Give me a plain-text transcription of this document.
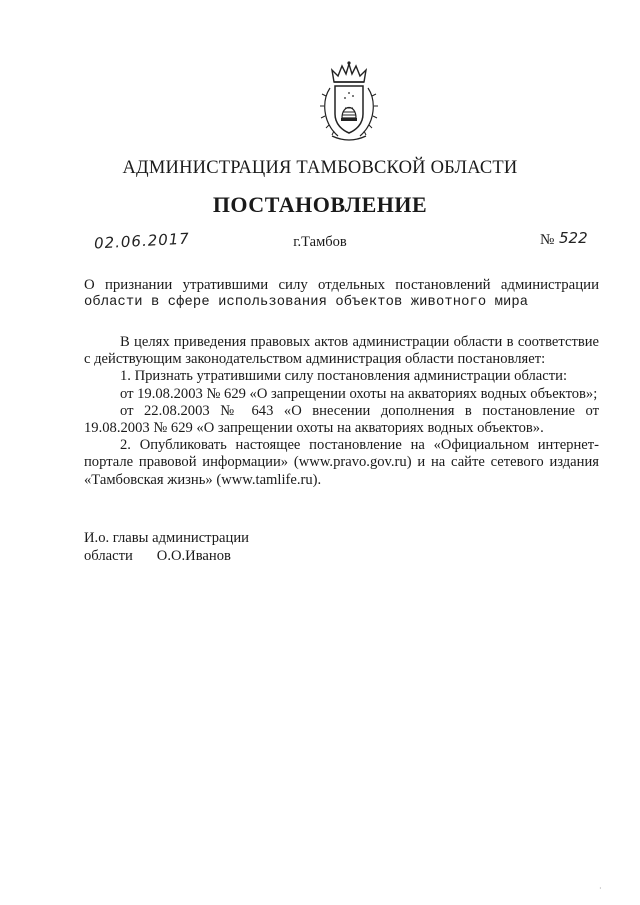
АДМИНИСТРАЦИЯ ТАМБОВСКОЙ ОБЛАСТИ
ПОСТАНОВЛЕНИЕ
02.06.2017	г.Тамбов	№ 522
О признании утратившими силу отдельных постановлений администрации
области в сфере использования объектов животного мира

В целях приведения правовых актов администрации области в соответствие с действующим законодательством администрация области постановляет:

1. Признать утратившими силу постановления администрации области:

от 19.08.2003 № 629 «О запрещении охоты на акваториях водных объектов»;

от 22.08.2003 № 643 «О внесении дополнения в постановление от 19.08.2003 № 629 «О запрещении охоты на акваториях водных объектов».

2. Опубликовать настоящее постановление на «Официальном интернет-портале правовой информации» (www.pravo.gov.ru) и на сайте сетевого издания «Тамбовская жизнь» (www.tamlife.ru).

И.о. главы администрации
области О.О.Иванов
·
